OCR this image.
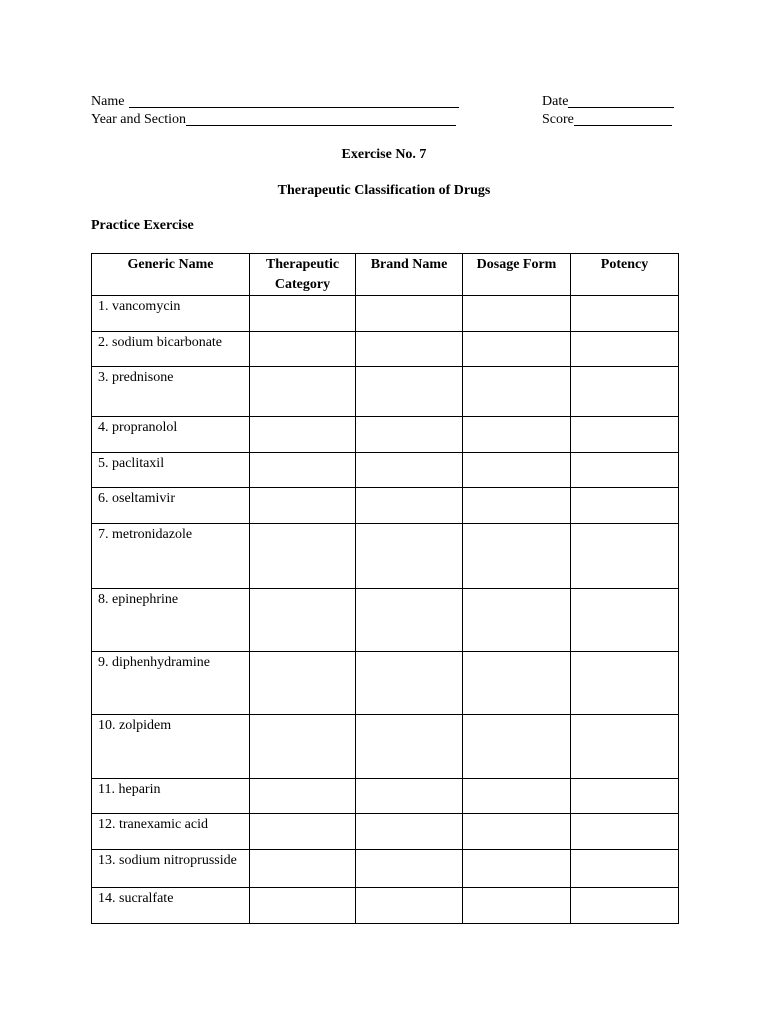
Name
Year and Section
Date
Score
Exercise No. 7
Therapeutic Classification of Drugs
Practice Exercise
Generic Name	Therapeutic Category	Brand Name	Dosage Form	Potency
1. vancomycin				
2. sodium bicarbonate				
3. prednisone				
4. propranolol				
5. paclitaxil				
6. oseltamivir				
7. metronidazole				
8. epinephrine				
9. diphenhydramine				
10. zolpidem				
11. heparin				
12. tranexamic acid				
13. sodium nitroprusside				
14. sucralfate				
